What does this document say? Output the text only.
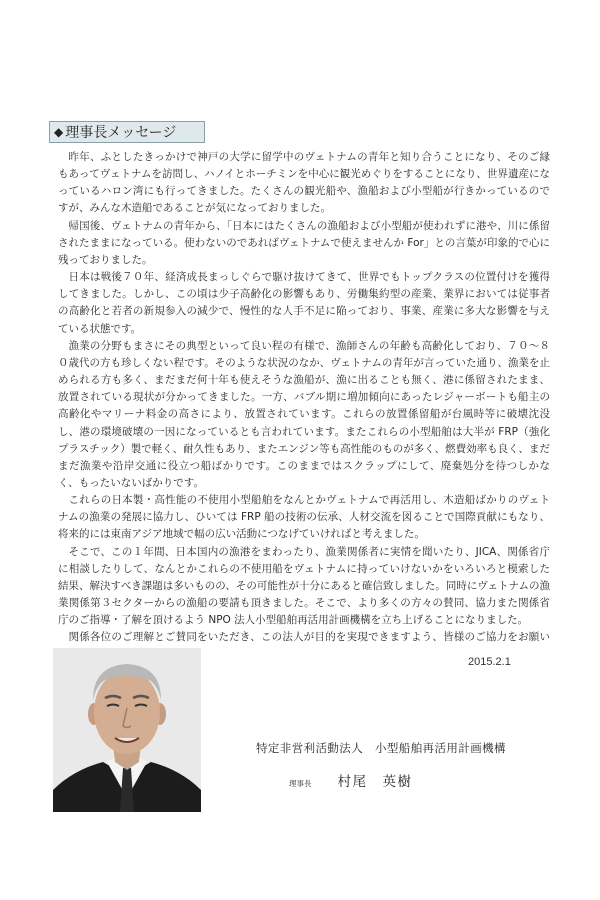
◆ 理事長メッセージ

昨年、ふとしたきっかけで神戸の大学に留学中のヴェトナムの青年と知り合うことになり、そのご縁もあってヴェトナムを訪問し、ハノイとホーチミンを中心に観光めぐりをすることになり、世界遺産になっているハロン湾にも行ってきました。たくさんの観光船や、漁船および小型船が行きかっているのですが、みんな木造船であることが気になっておりました。

帰国後、ヴェトナムの青年から、「日本にはたくさんの漁船および小型船が使われずに港や、川に係留されたままになっている。使わないのであればヴェトナムで使えませんか For」との言葉が印象的で心に残っておりました。

日本は戦後７０年、経済成長まっしぐらで駆け抜けてきて、世界でもトップクラスの位置付けを獲得してきました。しかし、この頃は少子高齢化の影響もあり、労働集約型の産業、業界においては従事者の高齢化と若者の新規参入の減少で、慢性的な人手不足に陥っており、事業、産業に多大な影響を与えている状態です。

漁業の分野もまさにその典型といって良い程の有様で、漁師さんの年齢も高齢化しており、７０～８０歳代の方も珍しくない程です。そのような状況のなか、ヴェトナムの青年が言っていた通り、漁業を止められる方も多く、まだまだ何十年も使えそうな漁船が、漁に出ることも無く、港に係留されたまま、放置されている現状が分かってきました。一方、バブル期に増加傾向にあったレジャーボートも船主の高齢化やマリーナ料金の高さにより、放置されています。これらの放置係留船が台風時等に破壊沈没し、港の環境破壊の一因になっているとも言われています。またこれらの小型船舶は大半が FRP（強化プラスチック）製で軽く、耐久性もあり、またエンジン等も高性能のものが多く、燃費効率も良く、まだまだ漁業や沿岸交通に役立つ船ばかりです。このままではスクラップにして、廃棄処分を待つしかなく、もったいないばかりです。

これらの日本製・高性能の不使用小型船舶をなんとかヴェトナムで再活用し、木造船ばかりのヴェトナムの漁業の発展に協力し、ひいては FRP 船の技術の伝承、人材交流を図ることで国際貢献にもなり、将来的には東南アジア地域で幅の広い活動につなげていければと考えました。

そこで、この１年間、日本国内の漁港をまわったり、漁業関係者に実情を聞いたり、JICA、関係省庁に相談したりして、なんとかこれらの不使用船をヴェトナムに持っていけないかをいろいろと模索した結果、解決すべき課題は多いものの、その可能性が十分にあると確信致しました。同時にヴェトナムの漁業関係第３セクターからの漁船の要請も頂きました。そこで、より多くの方々の賛同、協力また関係省庁のご指導・了解を頂けるよう NPO 法人小型船舶再活用計画機構を立ち上げることになりました。

関係各位のご理解とご賛同をいただき、この法人が目的を実現できますよう、皆様のご協力をお願い

2015.2.1
特定非営利活動法人　小型船舶再活用計画機構
理事長 村尾　英樹
